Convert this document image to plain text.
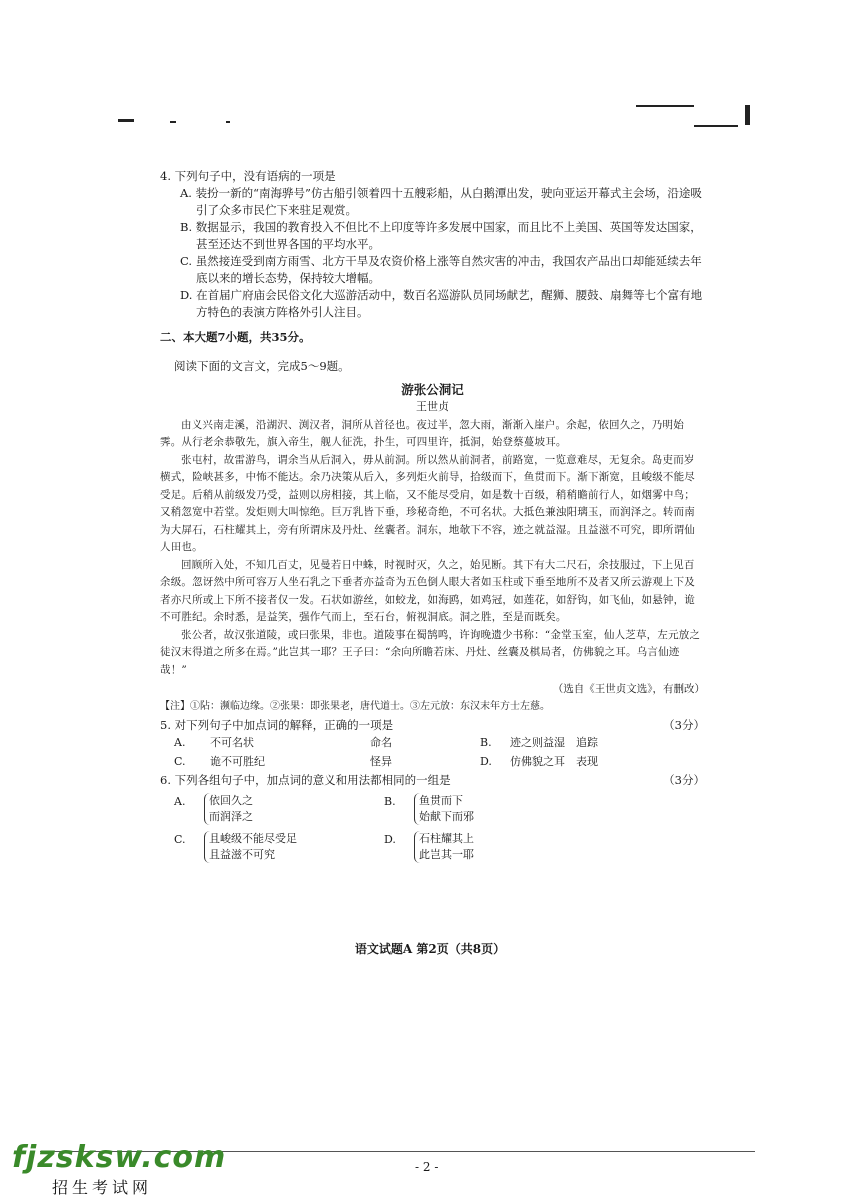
4. 下列句子中，没有语病的一项是

A. 装扮一新的“南海骅号”仿古船引领着四十五艘彩船，从白鹅潭出发，驶向亚运开幕式主会场，沿途吸引了众多市民伫下来驻足观赏。

B. 数据显示，我国的教育投入不但比不上印度等许多发展中国家，而且比不上美国、英国等发达国家，甚至还达不到世界各国的平均水平。

C. 虽然接连受到南方雨雪、北方干旱及农资价格上涨等自然灾害的冲击，我国农产品出口却能延续去年底以来的增长态势，保持较大增幅。

D. 在首届广府庙会民俗文化大巡游活动中，数百名巡游队员同场献艺，醒狮、腰鼓、扇舞等七个富有地方特色的表演方阵格外引人注目。

二、本大题7小题，共35分。

阅读下面的文言文，完成5～9题。

游张公洞记
王世贞

由义兴南走溪，沿湖沢、渕汉者，洞所从首径也。夜过半，忽大雨，渐渐入崖户。余起，依回久之，乃明始霁。从行老余恭敬先，旗入帝生，舰人征洗，扑生，可四里许，抵洞，始登蔡蔓坡耳。

张屯村，故雷游鸟，谓余当从后洞入，毋从前洞。所以然从前洞者，前路宽，一览意难尽，无复余。岛吏而岁横式，险峡甚多，中怖不能达。余乃决策从后入，多列炬火前导，拾级而下，鱼贯而下。渐下渐宽，且峻级不能尽受足。后稍从前级发乃受，益则以房相接，其上临，又不能尽受肩，如是数十百级，稍稍瞻前行人，如烟雾中鸟；又稍忽宽中若堂。发炬则大叫惊绝。巨万乳皆下垂，珍秘奇绝，不可名状。大抵色兼浊阳璃玉，而润泽之。转而南为大屏石，石柱耀其上，旁有所谓床及丹灶、丝囊者。洞东，地欹下不容，迹之就益湿。且益滋不可究，即所谓仙人田也。

回顾所入处，不知几百丈，见曼若日中蛛，时视时灭，久之，始见断。其下有大二尺石，余技服过，下上见百余级。忽讶然中所可容万人坐石乳之下垂者亦益奇为五色倒人眼大者如玉柱或下垂至地所不及者又所云游观上下及者亦尺所或上下所不接者仅一发。石状如游丝，如蛟龙，如海鸥，如鸡冠，如莲花，如舒钩，如飞仙，如悬钟，诡不可胜纪。余时悉，是益笑，强作气而上，至石台，俯视洞底。洞之胜，至是而既矣。

张公者，故汉张道陵，或曰张果，非也。道陵事在蜀鹄鸣，许询晚遗少书称：“金堂玉室，仙人芝草，左元放之徒汉末得道之所多在焉。”此岂其一耶？王子曰：“余向所瞻若床、丹灶、丝囊及棋局者，仿佛貌之耳。乌言仙迹哉！”

（选自《王世贞文选》，有删改）

【注】①阽：濒临边缘。②张果：即张果老，唐代道士。③左元放：东汉末年方士左慈。

5. 对下列句子中加点词的解释，正确的一项是	（3分）
A.	不可名状	命名	B.	迹之则益湿　 追踪
C.	诡不可胜纪	怪异	D.	仿佛貌之耳　 表现
6. 下列各组句子中，加点词的意义和用法都相同的一组是	（3分）
A.	依回久之
而润泽之
B.	鱼贯而下
始献下而邪
C.	且峻级不能尽受足
且益滋不可究
D.	石柱耀其上
此岂其一耶
语文试题A 第2页（共8页）
- 2 -
fjzsksw.com
招生考试网
